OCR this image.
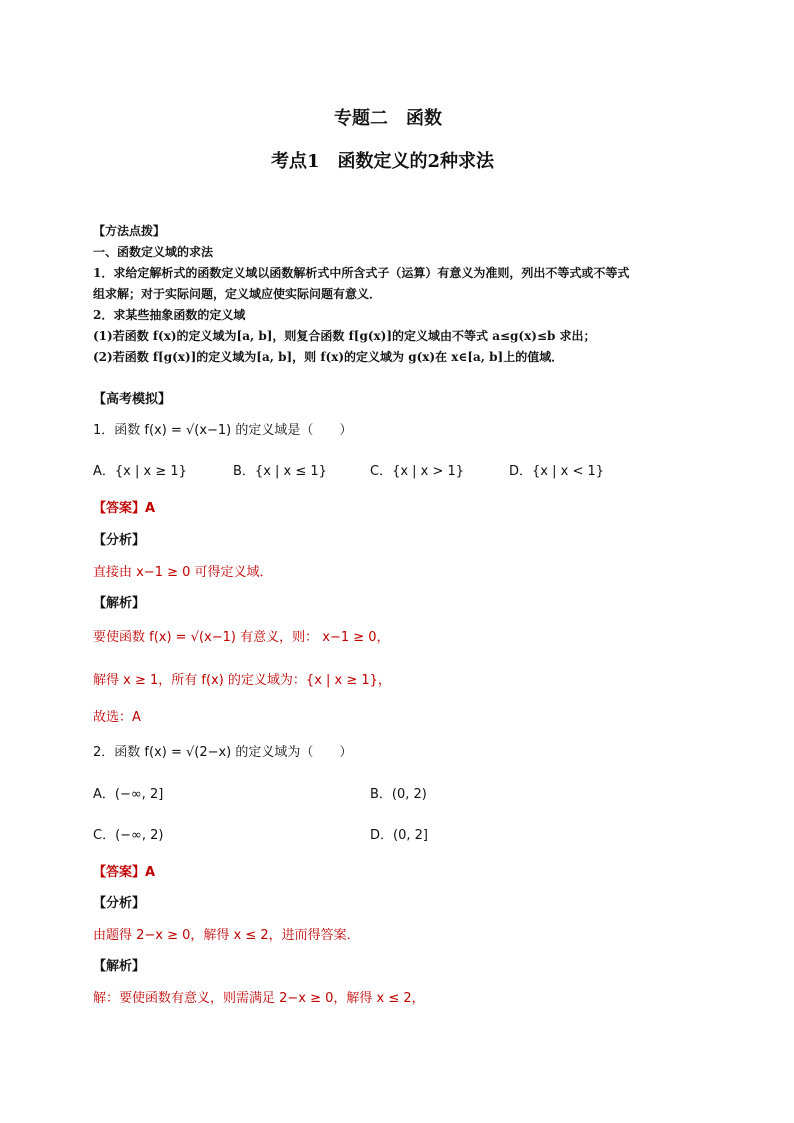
专题二　函数
考点1　函数定义的2种求法
【方法点拨】
一、函数定义域的求法
1．求给定解析式的函数定义域以函数解析式中所含式子（运算）有意义为准则，列出不等式或不等式
组求解；对于实际问题，定义域应使实际问题有意义．
2．求某些抽象函数的定义域
(1)若函数 f(x)的定义域为[a, b]，则复合函数 f[g(x)]的定义域由不等式 a≤g(x)≤b 求出；
(2)若函数 f[g(x)]的定义域为[a, b]，则 f(x)的定义域为 g(x)在 x∈[a, b]上的值域．
【高考模拟】
1．函数 f(x) = √(x−1) 的定义域是（　　）
A．{x | x ≥ 1}	B．{x | x ≤ 1}	C．{x | x > 1}	D．{x | x < 1}
【答案】A
【分析】
直接由 x−1 ≥ 0 可得定义域．
【解析】
要使函数 f(x) = √(x−1) 有意义，则： x−1 ≥ 0，
解得 x ≥ 1，所有 f(x) 的定义域为：{x | x ≥ 1}，
故选：A
2．函数 f(x) = √(2−x) 的定义域为（　　）
A．(−∞, 2]	B．(0, 2)
C．(−∞, 2)	D．(0, 2]
【答案】A
【分析】
由题得 2−x ≥ 0，解得 x ≤ 2，进而得答案．
【解析】
解：要使函数有意义，则需满足 2−x ≥ 0，解得 x ≤ 2，
